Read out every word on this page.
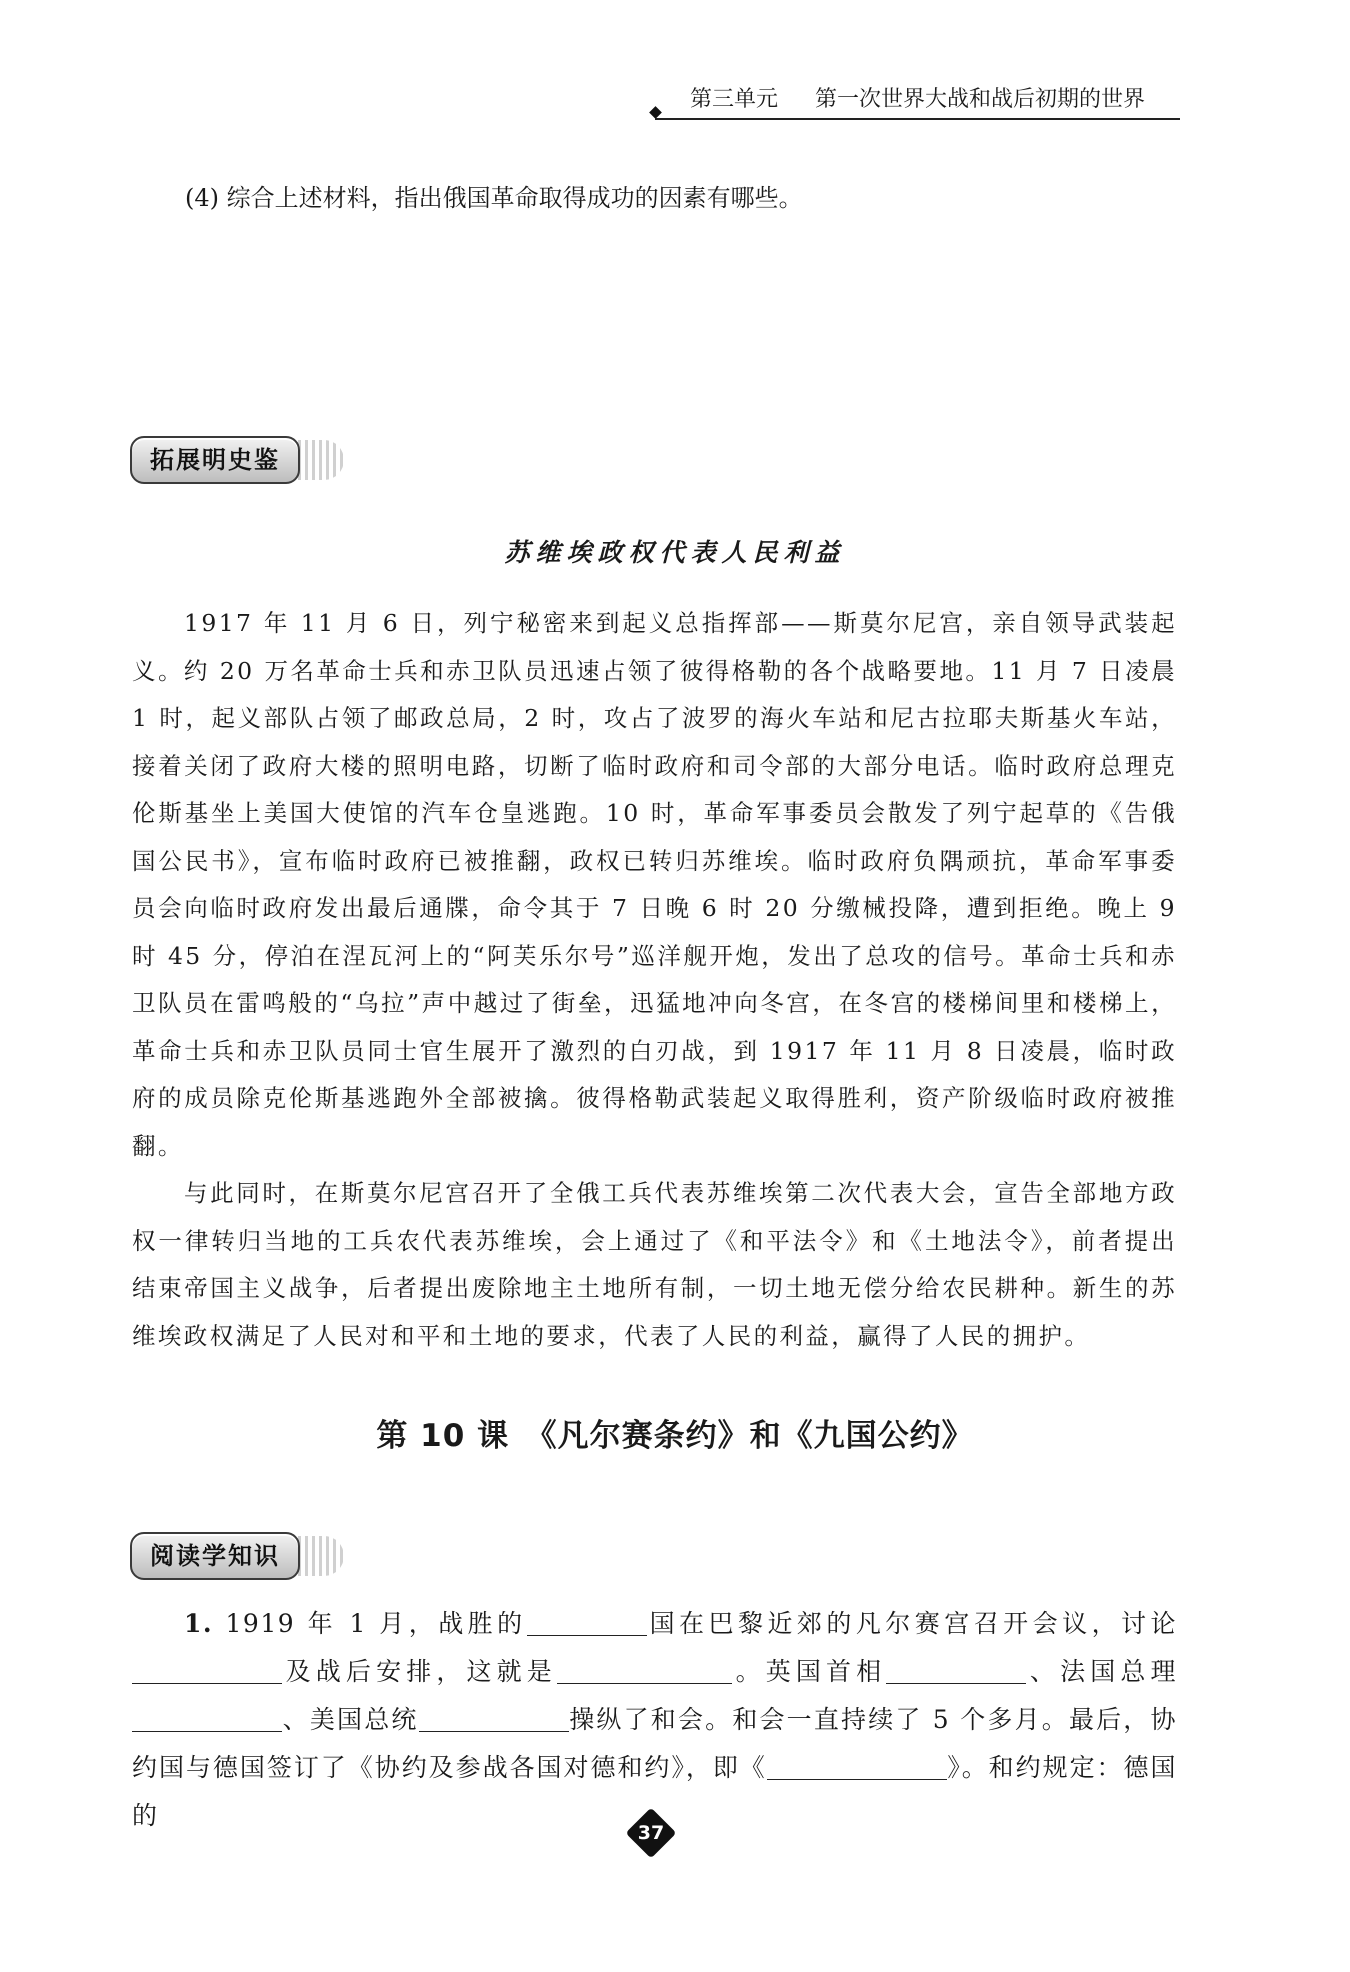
第三单元 第一次世界大战和战后初期的世界
(4) 综合上述材料，指出俄国革命取得成功的因素有哪些。
拓展明史鉴
苏维埃政权代表人民利益

1917 年 11 月 6 日，列宁秘密来到起义总指挥部——斯莫尔尼宫，亲自领导武装起义。约 20 万名革命士兵和赤卫队员迅速占领了彼得格勒的各个战略要地。11 月 7 日凌晨 1 时，起义部队占领了邮政总局，2 时，攻占了波罗的海火车站和尼古拉耶夫斯基火车站，接着关闭了政府大楼的照明电路，切断了临时政府和司令部的大部分电话。临时政府总理克伦斯基坐上美国大使馆的汽车仓皇逃跑。10 时，革命军事委员会散发了列宁起草的《告俄国公民书》，宣布临时政府已被推翻，政权已转归苏维埃。临时政府负隅顽抗，革命军事委员会向临时政府发出最后通牒，命令其于 7 日晚 6 时 20 分缴械投降，遭到拒绝。晚上 9 时 45 分，停泊在涅瓦河上的“阿芙乐尔号”巡洋舰开炮，发出了总攻的信号。革命士兵和赤卫队员在雷鸣般的“乌拉”声中越过了街垒，迅猛地冲向冬宫，在冬宫的楼梯间里和楼梯上，革命士兵和赤卫队员同士官生展开了激烈的白刃战，到 1917 年 11 月 8 日凌晨，临时政府的成员除克伦斯基逃跑外全部被擒。彼得格勒武装起义取得胜利，资产阶级临时政府被推翻。

与此同时，在斯莫尔尼宫召开了全俄工兵代表苏维埃第二次代表大会，宣告全部地方政权一律转归当地的工兵农代表苏维埃，会上通过了《和平法令》和《土地法令》，前者提出结束帝国主义战争，后者提出废除地主土地所有制，一切土地无偿分给农民耕种。新生的苏维埃政权满足了人民对和平和土地的要求，代表了人民的利益，赢得了人民的拥护。

第 10 课　《凡尔赛条约》和《九国公约》
阅读学知识

1. 1919 年 1 月，战胜的	国在巴黎近郊的凡尔赛宫召开会议，讨论及战后安排，这就是	。英国首相	、法国总理、美国总统	操纵了和会。和会一直持续了 5 个多月。最后，协约国与德国签订了《协约及参战各国对德和约》，即《	》。和约规定：德国的

37
